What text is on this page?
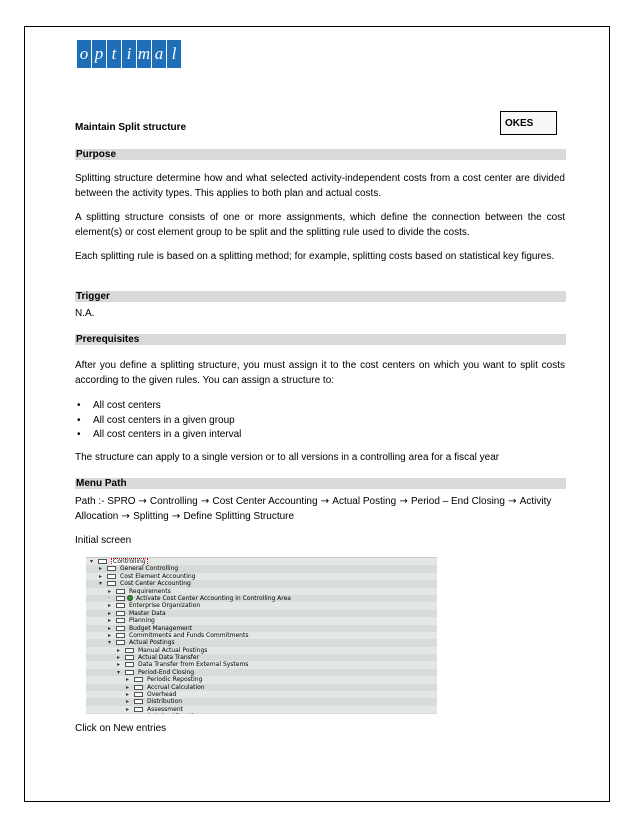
o p t i m a l
Maintain Split structure	OKES
Purpose
Splitting structure determine how and what selected activity-independent costs from a cost center are divided between the activity types. This applies to both plan and actual costs.
A splitting structure consists of one or more assignments, which define the connection between the cost element(s) or cost element group to be split and the splitting rule used to divide the costs.
Each splitting rule is based on a splitting method; for example, splitting costs based on statistical key figures.
Trigger
N.A.
Prerequisites
After you define a splitting structure, you must assign it to the cost centers on which you want to split costs according to the given rules. You can assign a structure to:
• All cost centers
• All cost centers in a given group
• All cost centers in a given interval
The structure can apply to a single version or to all versions in a controlling area for a fiscal year
Menu Path
Path :- SPRO → Controlling → Cost Center Accounting → Actual Posting → Period – End Closing → Activity Allocation → Splitting → Define Splitting Structure
Initial screen
▾	Controlling
▸	General Controlling
▸	Cost Element Accounting
▾	Cost Center Accounting
▸	Requirements
·	Activate Cost Center Accounting in Controlling Area
▸	Enterprise Organization
▸	Master Data
▸	Planning
▸	Budget Management
▸	Commitments and Funds Commitments
▾	Actual Postings
▸	Manual Actual Postings
▸	Actual Data Transfer
▸	Data Transfer from External Systems
▾	Period-End Closing
▸	Periodic Reposting
▸	Accrual Calculation
▸	Overhead
▸	Distribution
▸	Assessment
Click on New entries
